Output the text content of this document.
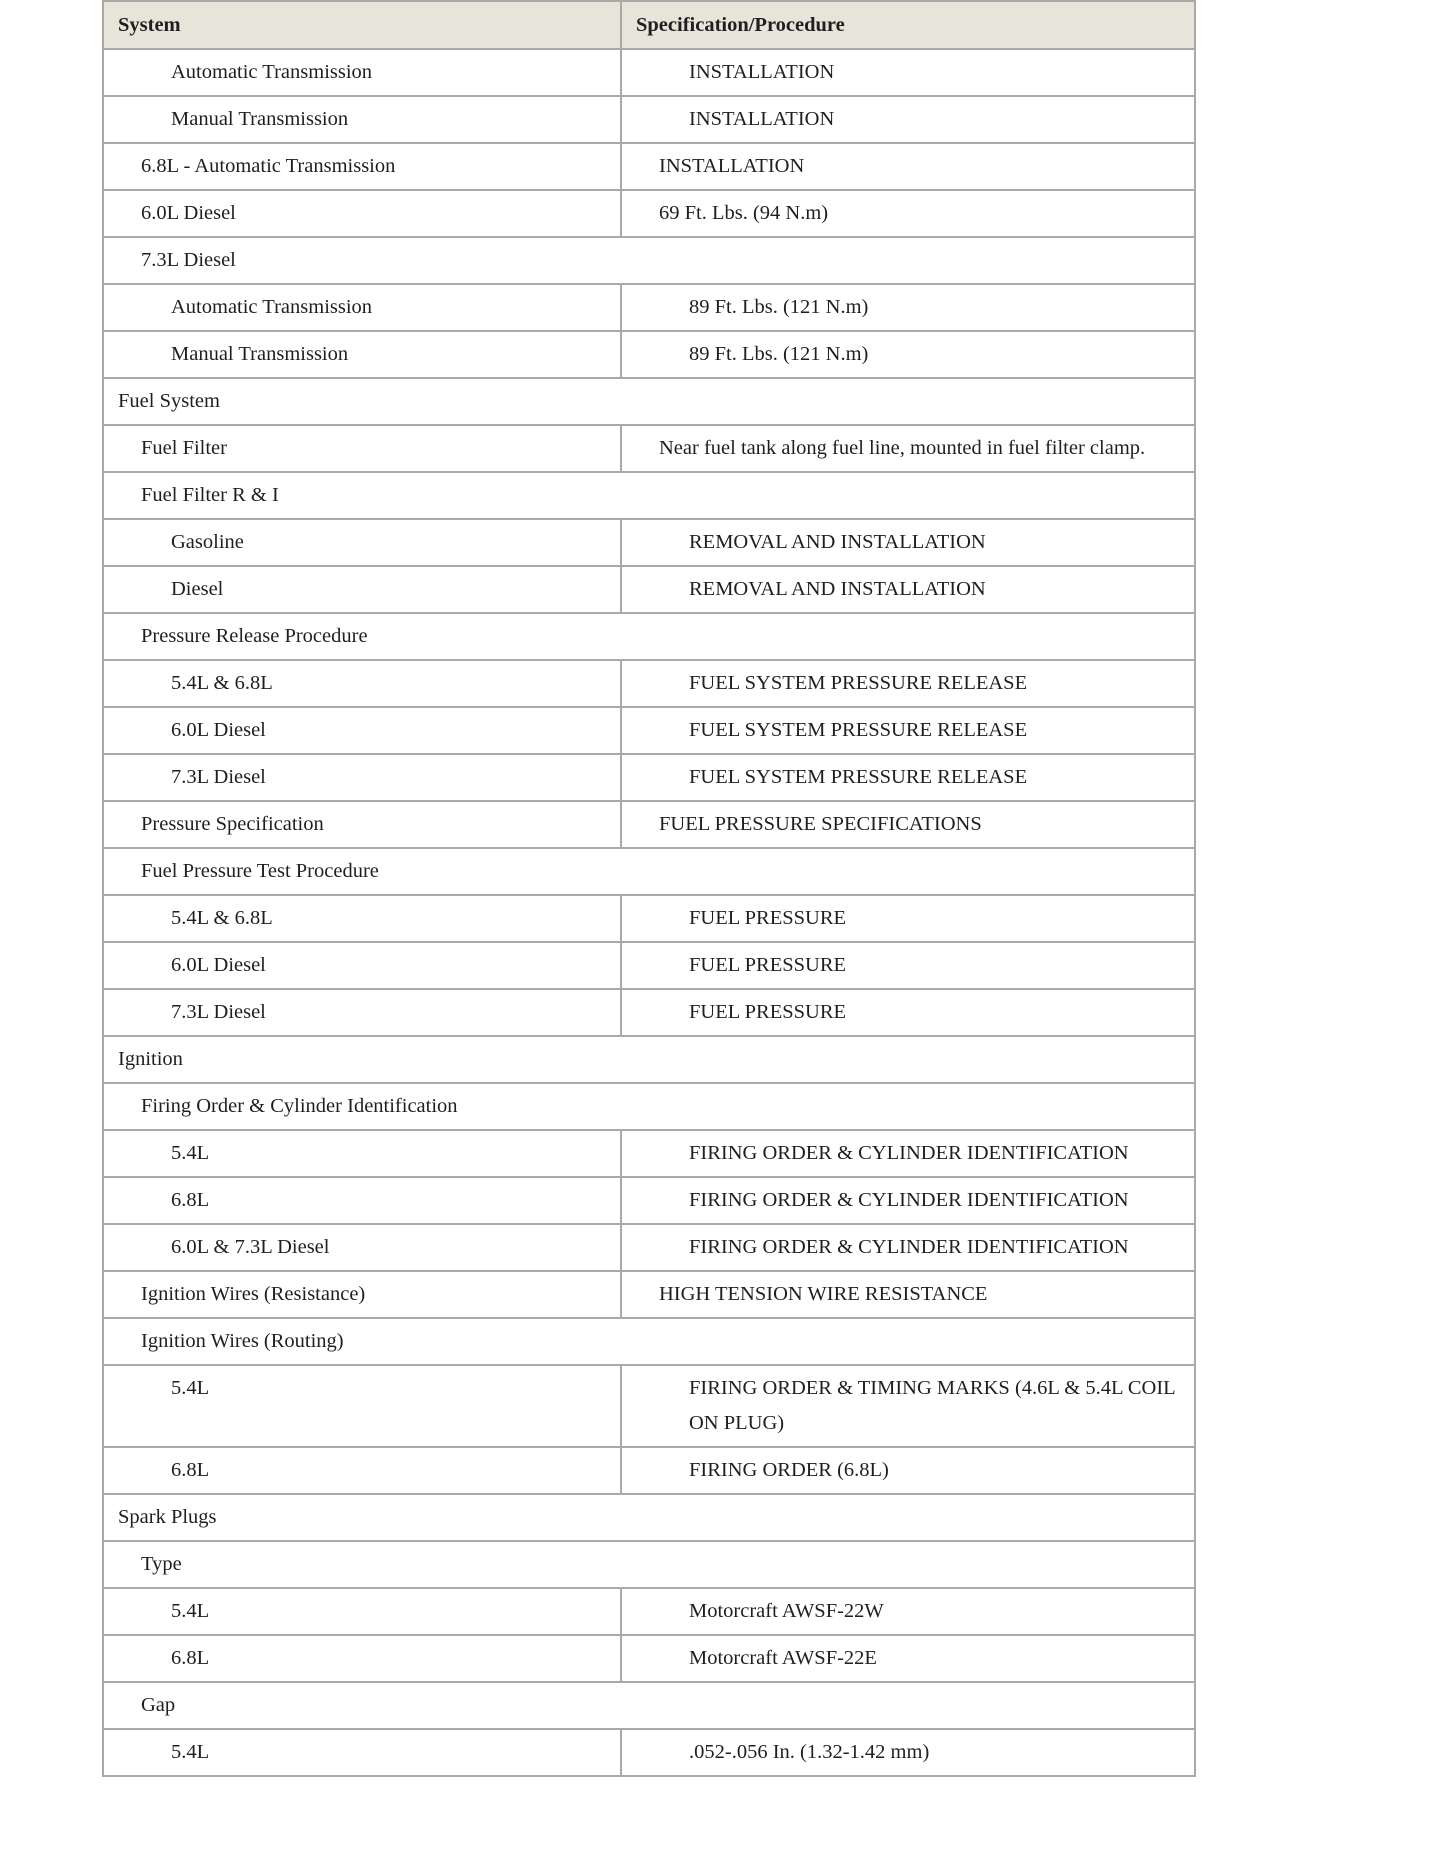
System	Specification/Procedure
Automatic Transmission	INSTALLATION
Manual Transmission	INSTALLATION
6.8L - Automatic Transmission	INSTALLATION
6.0L Diesel	69 Ft. Lbs. (94 N.m)
7.3L Diesel	
Automatic Transmission	89 Ft. Lbs. (121 N.m)
Manual Transmission	89 Ft. Lbs. (121 N.m)
Fuel System	
Fuel Filter	Near fuel tank along fuel line, mounted in fuel filter clamp.
Fuel Filter R & I	
Gasoline	REMOVAL AND INSTALLATION
Diesel	REMOVAL AND INSTALLATION
Pressure Release Procedure	
5.4L & 6.8L	FUEL SYSTEM PRESSURE RELEASE
6.0L Diesel	FUEL SYSTEM PRESSURE RELEASE
7.3L Diesel	FUEL SYSTEM PRESSURE RELEASE
Pressure Specification	FUEL PRESSURE SPECIFICATIONS
Fuel Pressure Test Procedure	
5.4L & 6.8L	FUEL PRESSURE
6.0L Diesel	FUEL PRESSURE
7.3L Diesel	FUEL PRESSURE
Ignition	
Firing Order & Cylinder Identification	
5.4L	FIRING ORDER & CYLINDER IDENTIFICATION
6.8L	FIRING ORDER & CYLINDER IDENTIFICATION
6.0L & 7.3L Diesel	FIRING ORDER & CYLINDER IDENTIFICATION
Ignition Wires (Resistance)	HIGH TENSION WIRE RESISTANCE
Ignition Wires (Routing)	
5.4L	FIRING ORDER & TIMING MARKS (4.6L & 5.4L COIL ON PLUG)
6.8L	FIRING ORDER (6.8L)
Spark Plugs	
Type	
5.4L	Motorcraft AWSF-22W
6.8L	Motorcraft AWSF-22E
Gap	
5.4L	.052-.056 In. (1.32-1.42 mm)
